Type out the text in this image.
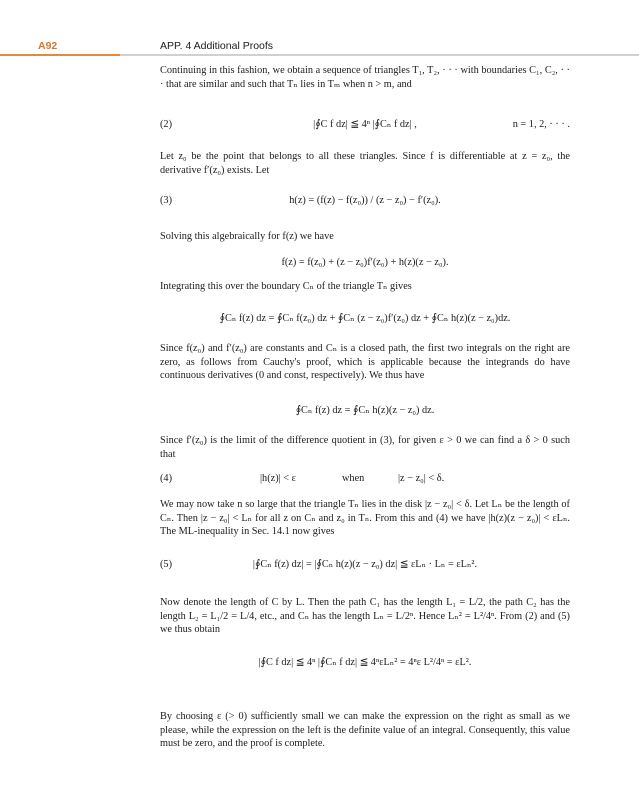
A92	APP. 4 Additional Proofs

Continuing in this fashion, we obtain a sequence of triangles T₁, T₂, · · · with boundaries C₁, C₂, · · · that are similar and such that Tₙ lies in Tₘ when n > m, and

(2)	|∮C f dz| ≦ 4ⁿ |∮Cₙ f dz| ,	n = 1, 2, · · · .

Let z₀ be the point that belongs to all these triangles. Since f is differentiable at z = z₀, the derivative f′(z₀) exists. Let

(3)	h(z) = (f(z) − f(z₀)) / (z − z₀) − f′(z₀).

Solving this algebraically for f(z) we have

f(z) = f(z₀) + (z − z₀)f′(z₀) + h(z)(z − z₀).

Integrating this over the boundary Cₙ of the triangle Tₙ gives

∮Cₙ f(z) dz = ∮Cₙ f(z₀) dz + ∮Cₙ (z − z₀)f′(z₀) dz + ∮Cₙ h(z)(z − z₀)dz.

Since f(z₀) and f′(z₀) are constants and Cₙ is a closed path, the first two integrals on the right are zero, as follows from Cauchy's proof, which is applicable because the integrands do have continuous derivatives (0 and const, respectively). We thus have

∮Cₙ f(z) dz = ∮Cₙ h(z)(z − z₀) dz.

Since f′(z₀) is the limit of the difference quotient in (3), for given ε > 0 we can find a δ > 0 such that

(4)	|h(z)| < ε	when	|z − z₀| < δ.

We may now take n so large that the triangle Tₙ lies in the disk |z − z₀| < δ. Let Lₙ be the length of Cₙ. Then |z − z₀| < Lₙ for all z on Cₙ and z₀ in Tₙ. From this and (4) we have |h(z)(z − z₀)| < εLₙ. The ML-inequality in Sec. 14.1 now gives

(5)	|∮Cₙ f(z) dz| = |∮Cₙ h(z)(z − z₀) dz| ≦ εLₙ · Lₙ = εLₙ².

Now denote the length of C by L. Then the path C₁ has the length L₁ = L/2, the path C₂ has the length L₂ = L₁/2 = L/4, etc., and Cₙ has the length Lₙ = L/2ⁿ. Hence Lₙ² = L²/4ⁿ. From (2) and (5) we thus obtain

|∮C f dz| ≦ 4ⁿ |∮Cₙ f dz| ≦ 4ⁿεLₙ² = 4ⁿε L²/4ⁿ = εL².

By choosing ε (> 0) sufficiently small we can make the expression on the right as small as we please, while the expression on the left is the definite value of an integral. Consequently, this value must be zero, and the proof is complete.
